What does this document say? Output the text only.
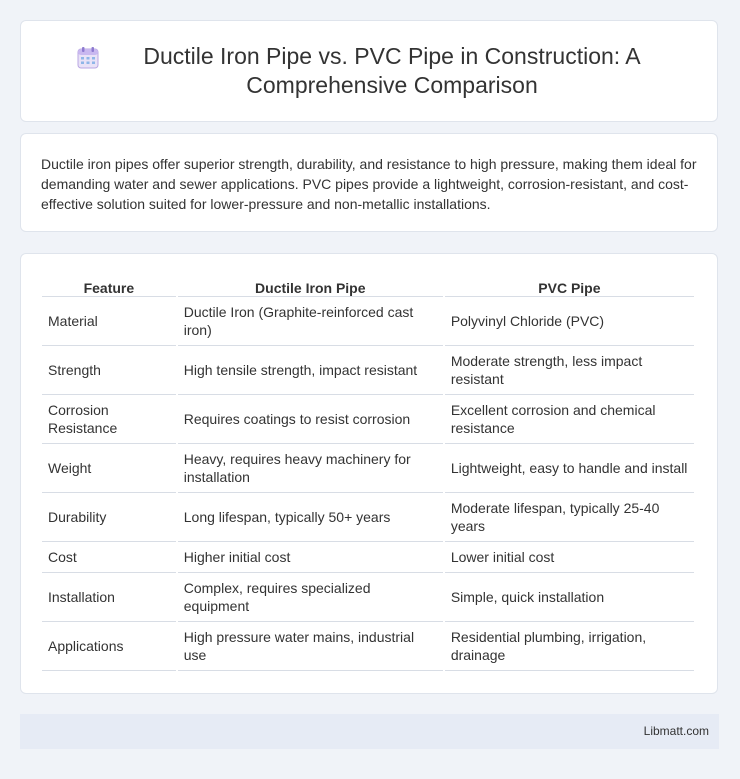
Ductile Iron Pipe vs. PVC Pipe in Construction: A Comprehensive Comparison
Ductile iron pipes offer superior strength, durability, and resistance to high pressure, making them ideal for demanding water and sewer applications. PVC pipes provide a lightweight, corrosion-resistant, and cost-effective solution suited for lower-pressure and non-metallic installations.
Feature	Ductile Iron Pipe	PVC Pipe
Material	Ductile Iron (Graphite-reinforced cast iron)	Polyvinyl Chloride (PVC)
Strength	High tensile strength, impact resistant	Moderate strength, less impact resistant
Corrosion Resistance	Requires coatings to resist corrosion	Excellent corrosion and chemical resistance
Weight	Heavy, requires heavy machinery for installation	Lightweight, easy to handle and install
Durability	Long lifespan, typically 50+ years	Moderate lifespan, typically 25-40 years
Cost	Higher initial cost	Lower initial cost
Installation	Complex, requires specialized equipment	Simple, quick installation
Applications	High pressure water mains, industrial use	Residential plumbing, irrigation, drainage
Libmatt.com
